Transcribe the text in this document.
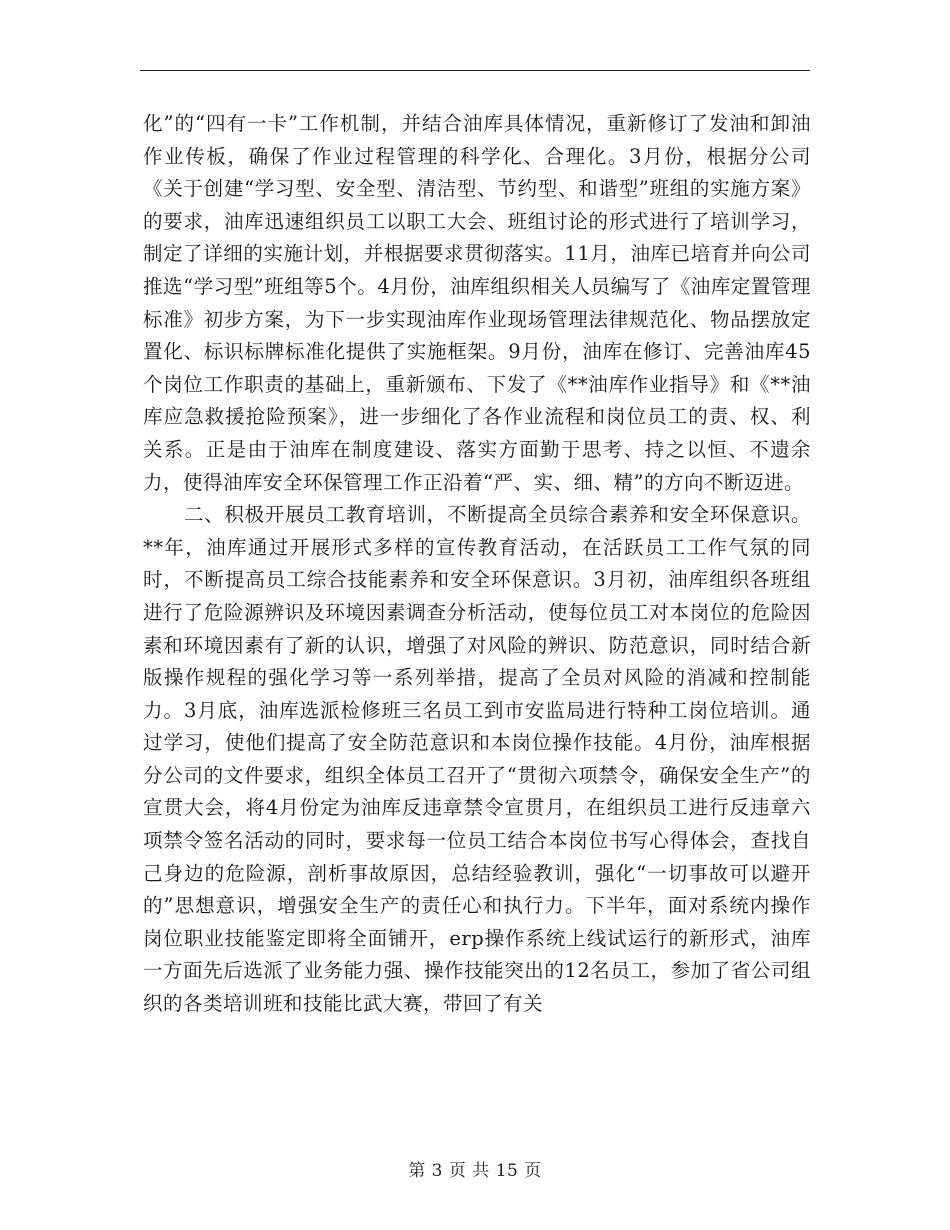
化”的“四有一卡”工作机制，并结合油库具体情况，重新修订了发油和卸油作业传板，确保了作业过程管理的科学化、合理化。3月份，根据分公司《关于创建“学习型、安全型、清洁型、节约型、和谐型”班组的实施方案》的要求，油库迅速组织员工以职工大会、班组讨论的形式进行了培训学习，制定了详细的实施计划，并根据要求贯彻落实。11月，油库已培育并向公司推选“学习型”班组等5个。4月份，油库组织相关人员编写了《油库定置管理标准》初步方案，为下一步实现油库作业现场管理法律规范化、物品摆放定置化、标识标牌标准化提供了实施框架。9月份，油库在修订、完善油库45个岗位工作职责的基础上，重新颁布、下发了《**油库作业指导》和《**油库应急救援抢险预案》，进一步细化了各作业流程和岗位员工的责、权、利关系。正是由于油库在制度建设、落实方面勤于思考、持之以恒、不遗余力，使得油库安全环保管理工作正沿着“严、实、细、精”的方向不断迈进。

二、积极开展员工教育培训，不断提高全员综合素养和安全环保意识。 **年，油库通过开展形式多样的宣传教育活动，在活跃员工工作气氛的同时，不断提高员工综合技能素养和安全环保意识。3月初，油库组织各班组进行了危险源辨识及环境因素调查分析活动，使每位员工对本岗位的危险因素和环境因素有了新的认识，增强了对风险的辨识、防范意识，同时结合新版操作规程的强化学习等一系列举措，提高了全员对风险的消减和控制能力。3月底，油库选派检修班三名员工到市安监局进行特种工岗位培训。通过学习，使他们提高了安全防范意识和本岗位操作技能。4月份，油库根据分公司的文件要求，组织全体员工召开了“贯彻六项禁令，确保安全生产”的宣贯大会，将4月份定为油库反违章禁令宣贯月，在组织员工进行反违章六项禁令签名活动的同时，要求每一位员工结合本岗位书写心得体会，查找自己身边的危险源，剖析事故原因，总结经验教训，强化“一切事故可以避开的”思想意识，增强安全生产的责任心和执行力。下半年，面对系统内操作岗位职业技能鉴定即将全面铺开，erp操作系统上线试运行的新形式，油库一方面先后选派了业务能力强、操作技能突出的12名员工，参加了省公司组织的各类培训班和技能比武大赛，带回了有关

第 3 页 共 15 页
